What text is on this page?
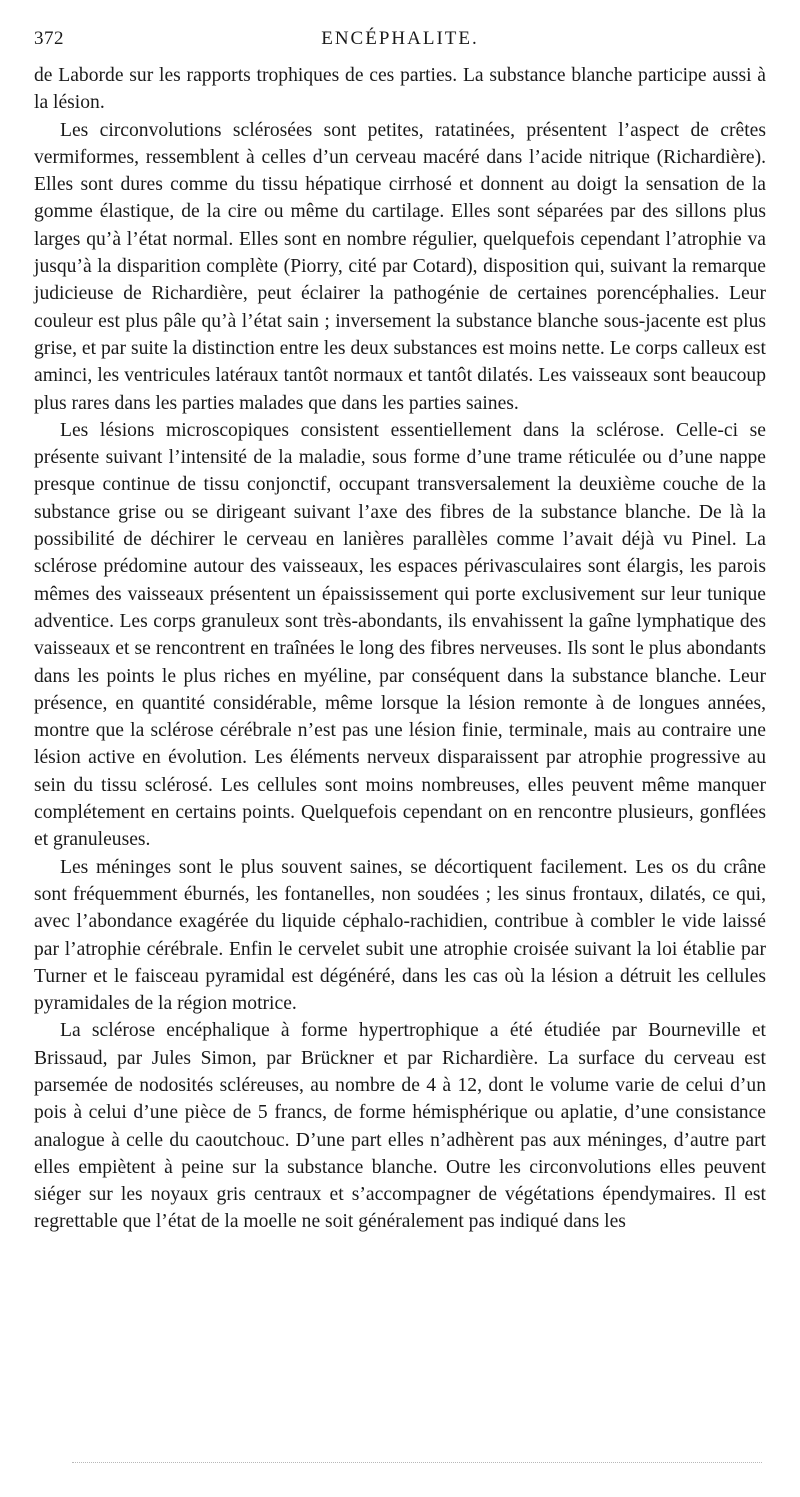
372	ENCÉPHALITE.

de Laborde sur les rapports trophiques de ces parties. La substance blanche participe aussi à la lésion.

Les circonvolutions sclérosées sont petites, ratatinées, présentent l’aspect de crêtes vermiformes, ressemblent à celles d’un cerveau macéré dans l’acide nitrique (Richardière). Elles sont dures comme du tissu hépatique cirrhosé et donnent au doigt la sensation de la gomme élastique, de la cire ou même du cartilage. Elles sont séparées par des sillons plus larges qu’à l’état normal. Elles sont en nombre régulier, quelquefois cependant l’atrophie va jusqu’à la disparition complète (Piorry, cité par Cotard), disposition qui, suivant la remarque judicieuse de Richardière, peut éclairer la pathogénie de certaines porencéphalies. Leur couleur est plus pâle qu’à l’état sain ; inversement la substance blanche sous-jacente est plus grise, et par suite la distinction entre les deux substances est moins nette. Le corps calleux est aminci, les ventricules latéraux tantôt normaux et tantôt dilatés. Les vaisseaux sont beaucoup plus rares dans les parties malades que dans les parties saines.

Les lésions microscopiques consistent essentiellement dans la sclérose. Celle-ci se présente suivant l’intensité de la maladie, sous forme d’une trame réticulée ou d’une nappe presque continue de tissu conjonctif, occupant transversalement la deuxième couche de la substance grise ou se dirigeant suivant l’axe des fibres de la substance blanche. De là la possibilité de déchirer le cerveau en lanières parallèles comme l’avait déjà vu Pinel. La sclérose prédomine autour des vaisseaux, les espaces périvasculaires sont élargis, les parois mêmes des vaisseaux présentent un épaississement qui porte exclusivement sur leur tunique adventice. Les corps granuleux sont très-abondants, ils envahissent la gaîne lymphatique des vaisseaux et se rencontrent en traînées le long des fibres nerveuses. Ils sont le plus abondants dans les points le plus riches en myéline, par conséquent dans la substance blanche. Leur présence, en quantité considérable, même lorsque la lésion remonte à de longues années, montre que la sclérose cérébrale n’est pas une lésion finie, terminale, mais au contraire une lésion active en évolution. Les éléments nerveux disparaissent par atrophie progressive au sein du tissu sclérosé. Les cellules sont moins nombreuses, elles peuvent même manquer complétement en certains points. Quelquefois cependant on en rencontre plusieurs, gonflées et granuleuses.

Les méninges sont le plus souvent saines, se décortiquent facilement. Les os du crâne sont fréquemment éburnés, les fontanelles, non soudées ; les sinus frontaux, dilatés, ce qui, avec l’abondance exagérée du liquide céphalo-rachidien, contribue à combler le vide laissé par l’atrophie cérébrale. Enfin le cervelet subit une atrophie croisée suivant la loi établie par Turner et le faisceau pyramidal est dégénéré, dans les cas où la lésion a détruit les cellules pyramidales de la région motrice.

La sclérose encéphalique à forme hypertrophique a été étudiée par Bourneville et Brissaud, par Jules Simon, par Brückner et par Richardière. La surface du cerveau est parsemée de nodosités scléreuses, au nombre de 4 à 12, dont le volume varie de celui d’un pois à celui d’une pièce de 5 francs, de forme hémisphérique ou aplatie, d’une consistance analogue à celle du caoutchouc. D’une part elles n’adhèrent pas aux méninges, d’autre part elles empiètent à peine sur la substance blanche. Outre les circonvolutions elles peuvent siéger sur les noyaux gris centraux et s’accompagner de végétations épendymaires. Il est regrettable que l’état de la moelle ne soit généralement pas indiqué dans les
